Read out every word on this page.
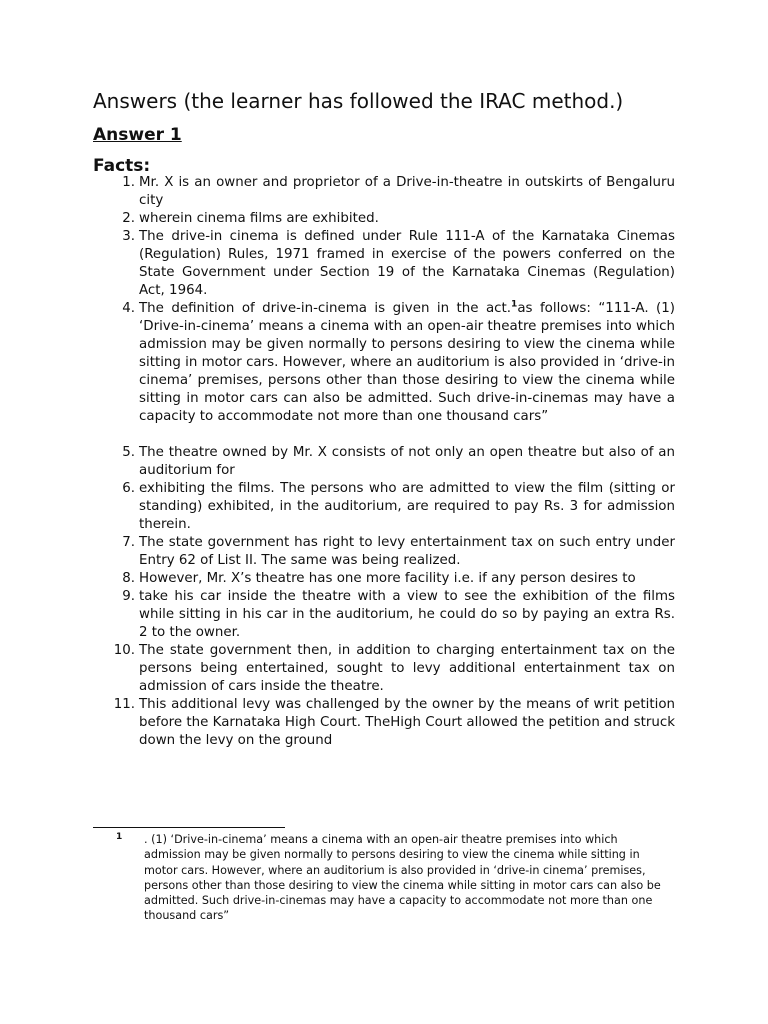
Answers (the learner has followed the IRAC method.)
Answer 1
Facts:
1. Mr. X is an owner and proprietor of a Drive-in-theatre in outskirts of Bengaluru city
2. wherein cinema films are exhibited.
3. The drive-in cinema is defined under Rule 111-A of the Karnataka Cinemas (Regulation) Rules, 1971 framed in exercise of the powers conferred on the State Government under Section 19 of the Karnataka Cinemas (Regulation) Act, 1964.
4. The definition of drive-in-cinema is given in the act.$^1$as follows: “111-A. (1) ‘Drive-in-cinema’ means a cinema with an open-air theatre premises into which admission may be given normally to persons desiring to view the cinema while sitting in motor cars. However, where an auditorium is also provided in ‘drive-in cinema’ premises, persons other than those desiring to view the cinema while sitting in motor cars can also be admitted. Such drive-in-cinemas may have a capacity to accommodate not more than one thousand cars”
5. The theatre owned by Mr. X consists of not only an open theatre but also of an auditorium for
6. exhibiting the films. The persons who are admitted to view the film (sitting or standing) exhibited, in the auditorium, are required to pay Rs. 3 for admission therein.
7. The state government has right to levy entertainment tax on such entry under Entry 62 of List II. The same was being realized.
8. However, Mr. X’s theatre has one more facility i.e. if any person desires to
9. take his car inside the theatre with a view to see the exhibition of the films while sitting in his car in the auditorium, he could do so by paying an extra Rs. 2 to the owner.
10. The state government then, in addition to charging entertainment tax on the persons being entertained, sought to levy additional entertainment tax on admission of cars inside the theatre.
11. This additional levy was challenged by the owner by the means of writ petition before the Karnataka High Court. TheHigh Court allowed the petition and struck down the levy on the ground
1	. (1) ‘Drive-in-cinema’ means a cinema with an open-air theatre premises into which admission may be given normally to persons desiring to view the cinema while sitting in motor cars. However, where an auditorium is also provided in ‘drive-in cinema’ premises, persons other than those desiring to view the cinema while sitting in motor cars can also be admitted. Such drive-in-cinemas may have a capacity to accommodate not more than one thousand cars”
